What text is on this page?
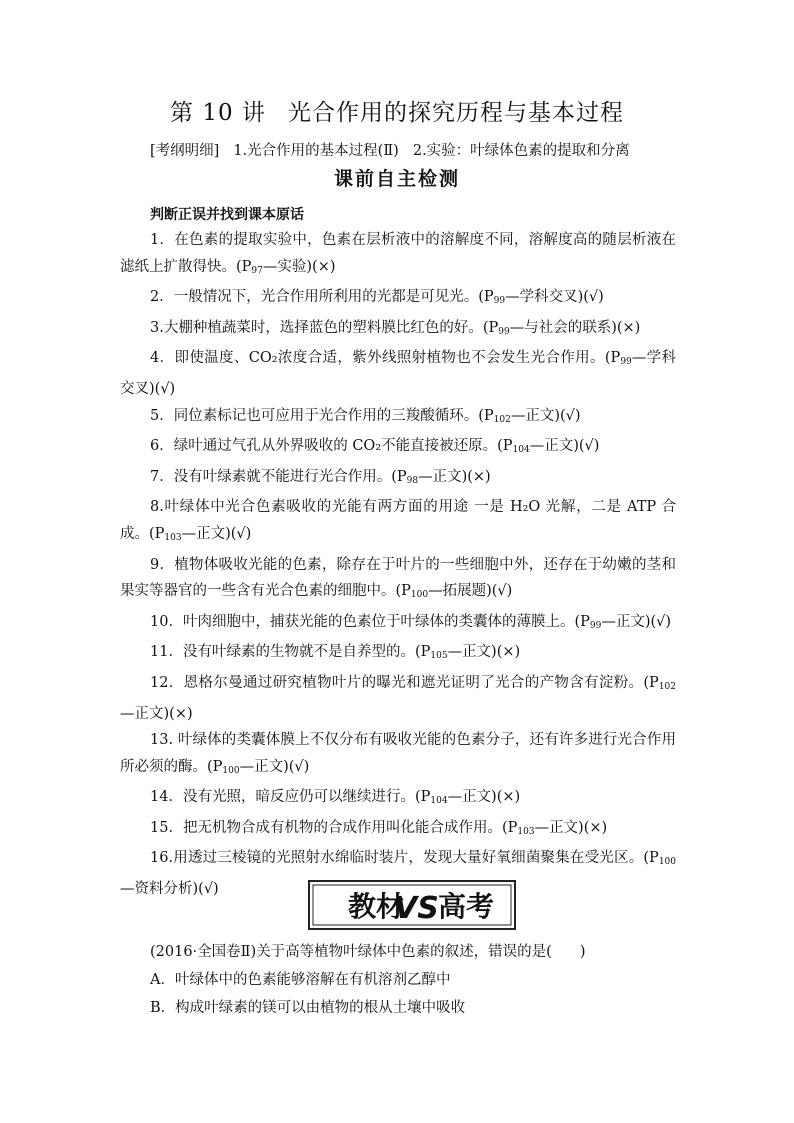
第 10 讲 光合作用的探究历程与基本过程
[考纲明细] 1.光合作用的基本过程(Ⅱ) 2.实验：叶绿体色素的提取和分离
课前自主检测
判断正误并找到课本原话
1．在色素的提取实验中，色素在层析液中的溶解度不同，溶解度高的随层析液在滤纸上扩散得快。($P_{97}—$实验)(×)
2．一般情况下，光合作用所利用的光都是可见光。($P_{99}—$学科交叉)(√)
3.大棚种植蔬菜时，选择蓝色的塑料膜比红色的好。($P_{99}—$与社会的联系)(×)
4．即使温度、CO₂浓度合适，紫外线照射植物也不会发生光合作用。($P_{99}—$学科交叉)(√)
5．同位素标记也可应用于光合作用的三羧酸循环。($P_{102}—$正文)(√)
6．绿叶通过气孔从外界吸收的 CO₂不能直接被还原。($P_{104}—$正文)(√)
7．没有叶绿素就不能进行光合作用。($P_{98}—$正文)(×)
8.叶绿体中光合色素吸收的光能有两方面的用途 一是 H₂O 光解，二是 ATP 合成。($P_{103}—$正文)(√)
9．植物体吸收光能的色素，除存在于叶片的一些细胞中外，还存在于幼嫩的茎和果实等器官的一些含有光合色素的细胞中。($P_{100}—$拓展题)(√)
10．叶肉细胞中，捕获光能的色素位于叶绿体的类囊体的薄膜上。($P_{99}—$正文)(√)
11．没有叶绿素的生物就不是自养型的。($P_{105}—$正文)(×)
12．恩格尔曼通过研究植物叶片的曝光和遮光证明了光合的产物含有淀粉。($P_{102}—$正文)(×)
13. 叶绿体的类囊体膜上不仅分布有吸收光能的色素分子，还有许多进行光合作用所必须的酶。($P_{100}—$正文)(√)
14．没有光照，暗反应仍可以继续进行。($P_{104}—$正文)(×)
15．把无机物合成有机物的合成作用叫化能合成作用。($P_{103}—$正文)(×)
16.用透过三棱镜的光照射水绵临时装片，发现大量好氧细菌聚集在受光区。($P_{100}—$资料分析)(√)
教材
VS 高考
(2016·全国卷Ⅱ)关于高等植物叶绿体中色素的叙述，错误的是( )
A．叶绿体中的色素能够溶解在有机溶剂乙醇中
B．构成叶绿素的镁可以由植物的根从土壤中吸收
